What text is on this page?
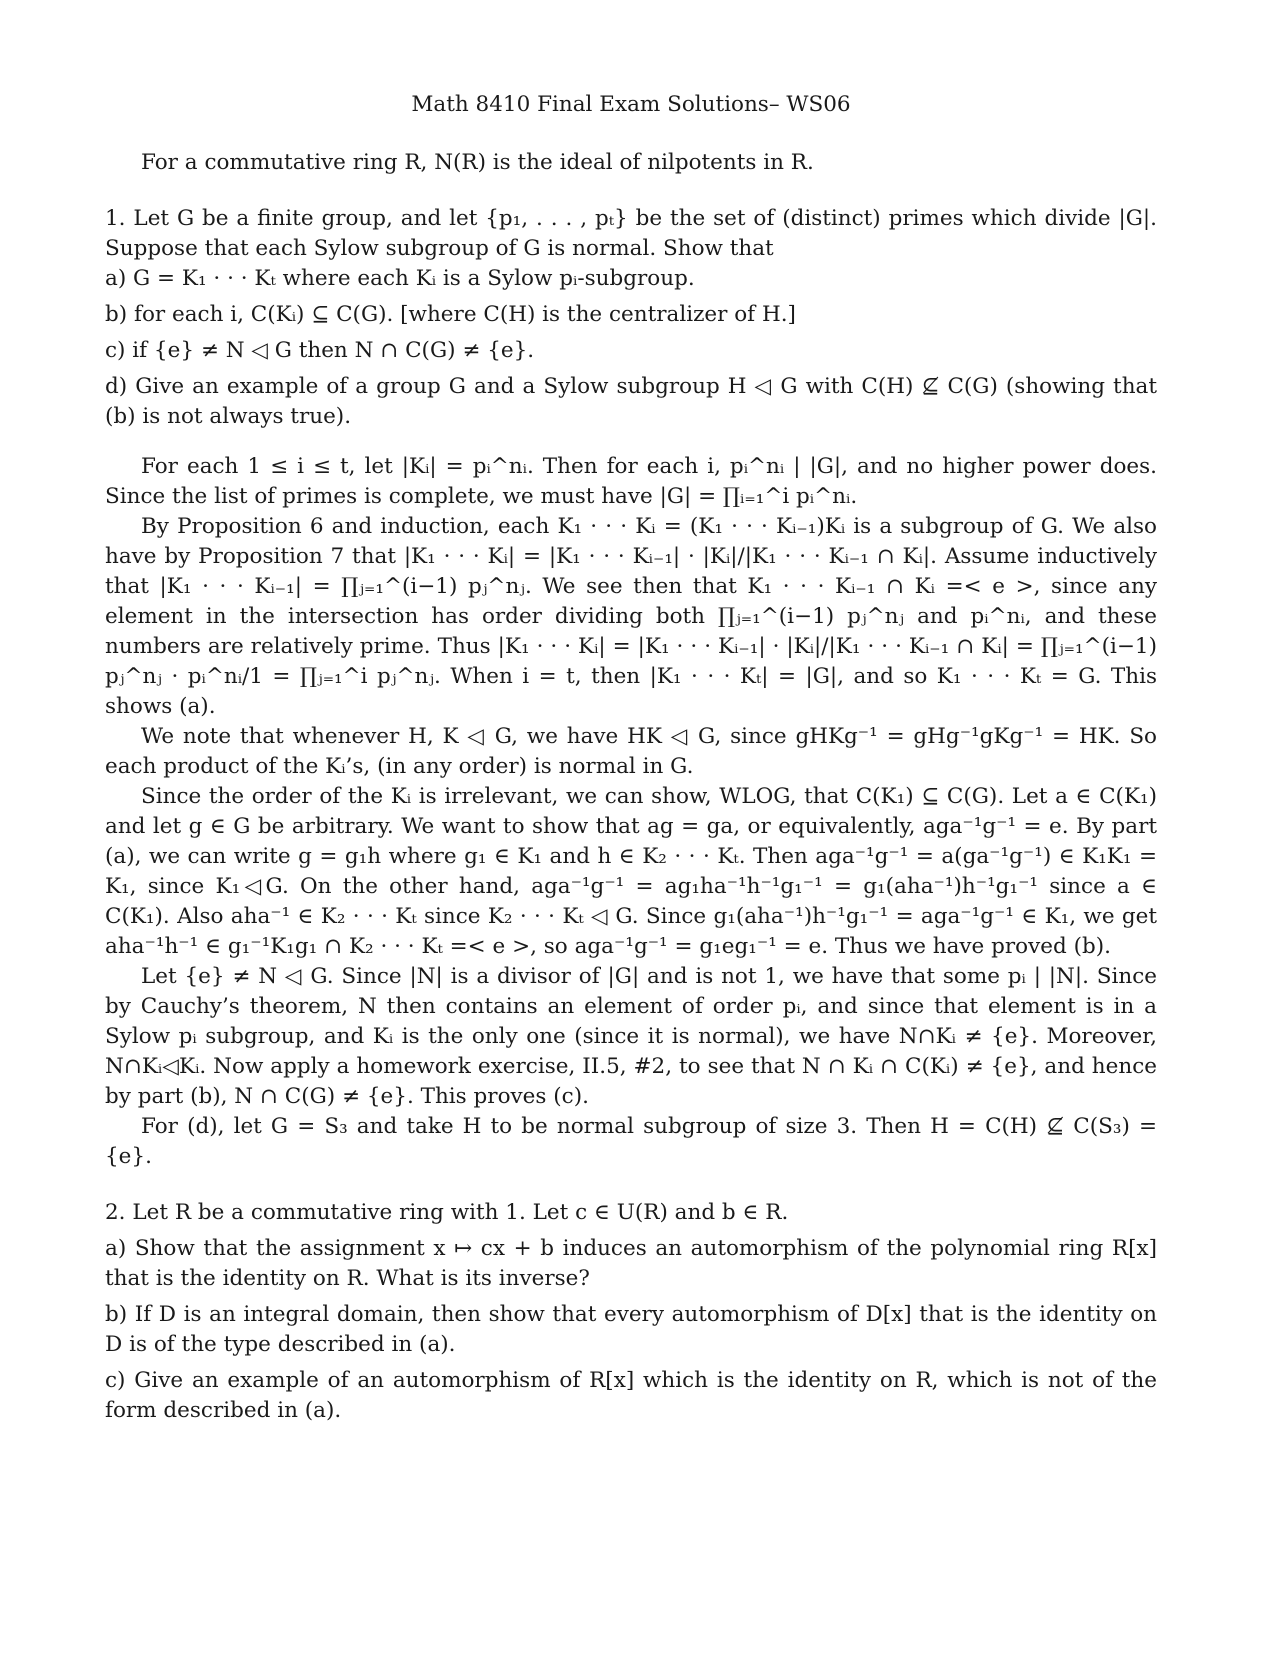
Math 8410 Final Exam Solutions– WS06

For a commutative ring R, N(R) is the ideal of nilpotents in R.

1. Let G be a finite group, and let {p₁, . . . , pₜ} be the set of (distinct) primes which divide |G|. Suppose that each Sylow subgroup of G is normal. Show that

a) G = K₁ · · · Kₜ where each Kᵢ is a Sylow pᵢ-subgroup.

b) for each i, C(Kᵢ) ⊆ C(G). [where C(H) is the centralizer of H.]

c) if {e} ≠ N ◁ G then N ∩ C(G) ≠ {e}.

d) Give an example of a group G and a Sylow subgroup H ◁ G with C(H) ⊈ C(G) (showing that (b) is not always true).

For each 1 ≤ i ≤ t, let |Kᵢ| = pᵢ^nᵢ. Then for each i, pᵢ^nᵢ | |G|, and no higher power does. Since the list of primes is complete, we must have |G| = ∏ᵢ₌₁^i pᵢ^nᵢ.

By Proposition 6 and induction, each K₁ · · · Kᵢ = (K₁ · · · Kᵢ₋₁)Kᵢ is a subgroup of G. We also have by Proposition 7 that |K₁ · · · Kᵢ| = |K₁ · · · Kᵢ₋₁| · |Kᵢ|/|K₁ · · · Kᵢ₋₁ ∩ Kᵢ|. Assume inductively that |K₁ · · · Kᵢ₋₁| = ∏ⱼ₌₁^(i−1) pⱼ^nⱼ. We see then that K₁ · · · Kᵢ₋₁ ∩ Kᵢ =< e >, since any element in the intersection has order dividing both ∏ⱼ₌₁^(i−1) pⱼ^nⱼ and pᵢ^nᵢ, and these numbers are relatively prime. Thus |K₁ · · · Kᵢ| = |K₁ · · · Kᵢ₋₁| · |Kᵢ|/|K₁ · · · Kᵢ₋₁ ∩ Kᵢ| = ∏ⱼ₌₁^(i−1) pⱼ^nⱼ · pᵢ^nᵢ/1 = ∏ⱼ₌₁^i pⱼ^nⱼ. When i = t, then |K₁ · · · Kₜ| = |G|, and so K₁ · · · Kₜ = G. This shows (a).

We note that whenever H, K ◁ G, we have HK ◁ G, since gHKg⁻¹ = gHg⁻¹gKg⁻¹ = HK. So each product of the Kᵢ’s, (in any order) is normal in G.

Since the order of the Kᵢ is irrelevant, we can show, WLOG, that C(K₁) ⊆ C(G). Let a ∈ C(K₁) and let g ∈ G be arbitrary. We want to show that ag = ga, or equivalently, aga⁻¹g⁻¹ = e. By part (a), we can write g = g₁h where g₁ ∈ K₁ and h ∈ K₂ · · · Kₜ. Then aga⁻¹g⁻¹ = a(ga⁻¹g⁻¹) ∈ K₁K₁ = K₁, since K₁◁G. On the other hand, aga⁻¹g⁻¹ = ag₁ha⁻¹h⁻¹g₁⁻¹ = g₁(aha⁻¹)h⁻¹g₁⁻¹ since a ∈ C(K₁). Also aha⁻¹ ∈ K₂ · · · Kₜ since K₂ · · · Kₜ ◁ G. Since g₁(aha⁻¹)h⁻¹g₁⁻¹ = aga⁻¹g⁻¹ ∈ K₁, we get aha⁻¹h⁻¹ ∈ g₁⁻¹K₁g₁ ∩ K₂ · · · Kₜ =< e >, so aga⁻¹g⁻¹ = g₁eg₁⁻¹ = e. Thus we have proved (b).

Let {e} ≠ N ◁ G. Since |N| is a divisor of |G| and is not 1, we have that some pᵢ | |N|. Since by Cauchy’s theorem, N then contains an element of order pᵢ, and since that element is in a Sylow pᵢ subgroup, and Kᵢ is the only one (since it is normal), we have N∩Kᵢ ≠ {e}. Moreover, N∩Kᵢ◁Kᵢ. Now apply a homework exercise, II.5, #2, to see that N ∩ Kᵢ ∩ C(Kᵢ) ≠ {e}, and hence by part (b), N ∩ C(G) ≠ {e}. This proves (c).

For (d), let G = S₃ and take H to be normal subgroup of size 3. Then H = C(H) ⊈ C(S₃) = {e}.

2. Let R be a commutative ring with 1. Let c ∈ U(R) and b ∈ R.

a) Show that the assignment x ↦ cx + b induces an automorphism of the polynomial ring R[x] that is the identity on R. What is its inverse?

b) If D is an integral domain, then show that every automorphism of D[x] that is the identity on D is of the type described in (a).

c) Give an example of an automorphism of R[x] which is the identity on R, which is not of the form described in (a).
